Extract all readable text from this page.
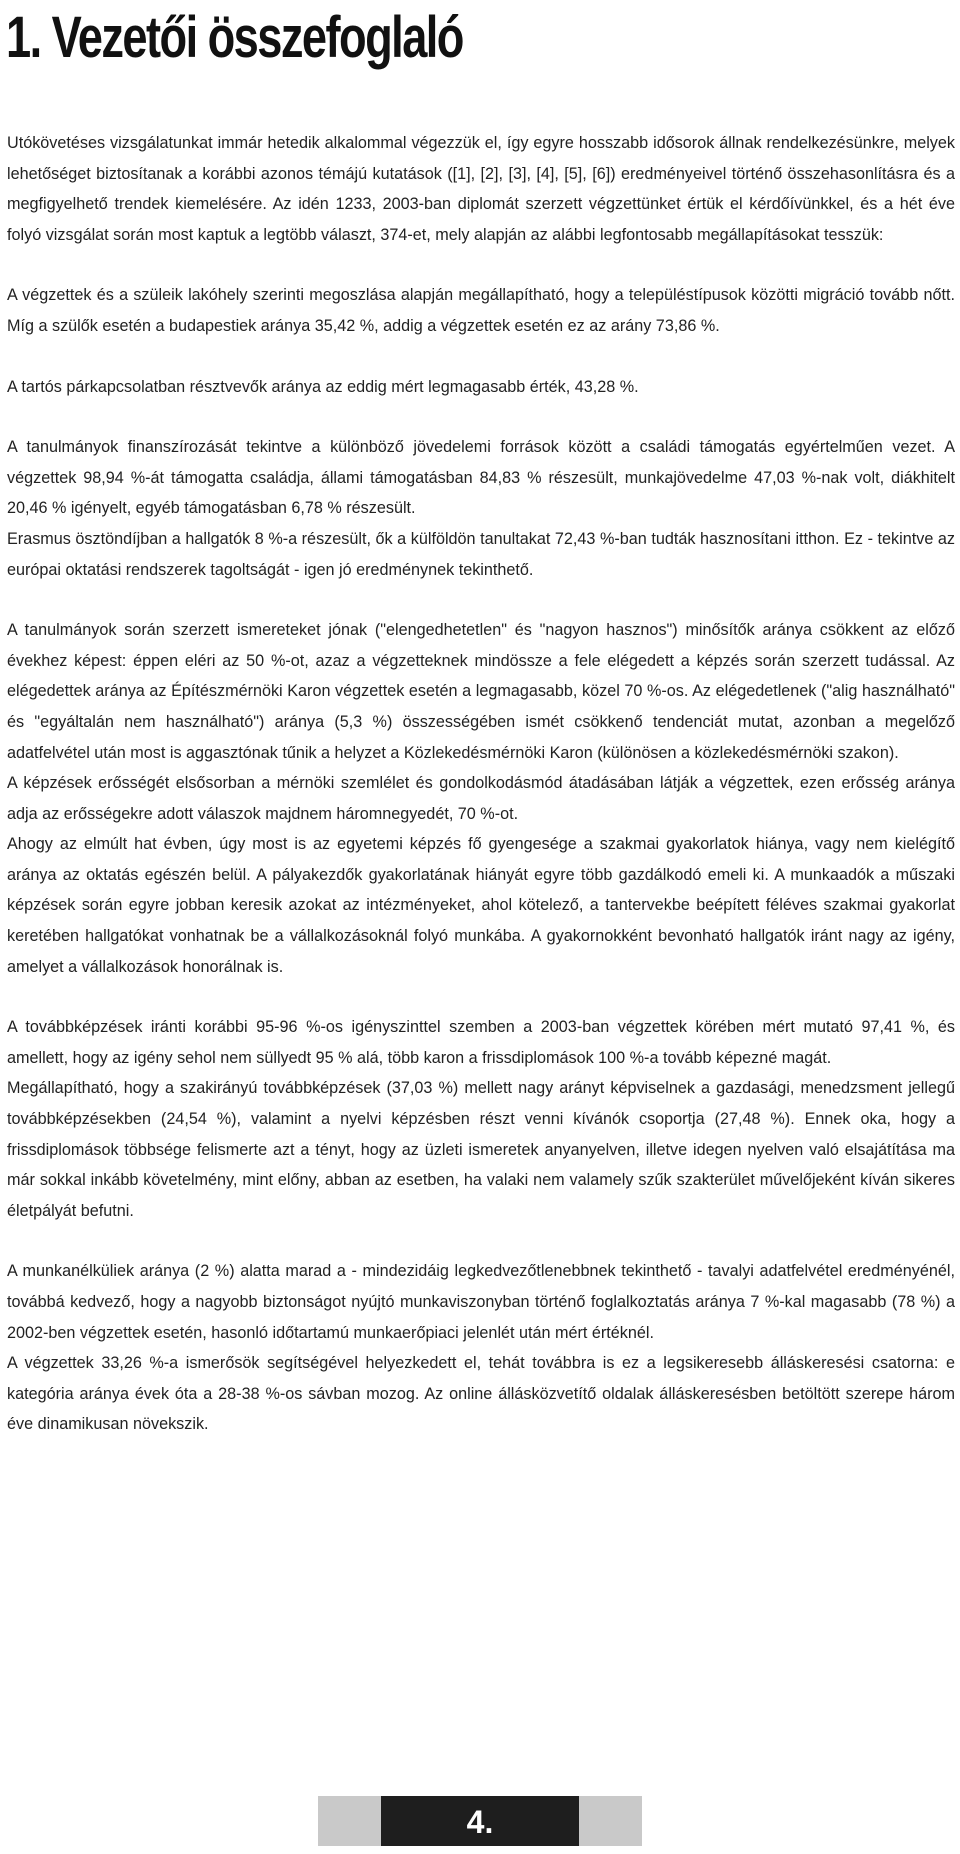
1. Vezetői összefoglaló

Utókövetéses vizsgálatunkat immár hetedik alkalommal végezzük el, így egyre hosszabb idősorok állnak rendelkezésünkre, melyek lehetőséget biztosítanak a korábbi azonos témájú kutatások ([1], [2], [3], [4], [5], [6]) eredményeivel történő összehasonlításra és a megfigyelhető trendek kiemelésére. Az idén 1233, 2003-ban diplomát szerzett végzettünket értük el kérdőívünkkel, és a hét éve folyó vizsgálat során most kaptuk a legtöbb választ, 374-et, mely alapján az alábbi legfontosabb megállapításokat tesszük:

A végzettek és a szüleik lakóhely szerinti megoszlása alapján megállapítható, hogy a településtípusok közötti migráció tovább nőtt. Míg a szülők esetén a budapestiek aránya 35,42 %, addig a végzettek esetén ez az arány 73,86 %.

A tartós párkapcsolatban résztvevők aránya az eddig mért legmagasabb érték, 43,28 %.

A tanulmányok finanszírozását tekintve a különböző jövedelemi források között a családi támogatás egyértelműen vezet. A végzettek 98,94 %-át támogatta családja, állami támogatásban 84,83 % részesült, munkajövedelme 47,03 %-nak volt, diákhitelt 20,46 % igényelt, egyéb támogatásban 6,78 % részesült.

Erasmus ösztöndíjban a hallgatók 8 %-a részesült, ők a külföldön tanultakat 72,43 %-ban tudták hasznosítani itthon. Ez - tekintve az európai oktatási rendszerek tagoltságát - igen jó eredménynek tekinthető.

A tanulmányok során szerzett ismereteket jónak ("elengedhetetlen" és "nagyon hasznos") minősítők aránya csökkent az előző évekhez képest: éppen eléri az 50 %-ot, azaz a végzetteknek mindössze a fele elégedett a képzés során szerzett tudással. Az elégedettek aránya az Építészmérnöki Karon végzettek esetén a legmagasabb, közel 70 %-os. Az elégedetlenek ("alig használható" és "egyáltalán nem használható") aránya (5,3 %) összességében ismét csökkenő tendenciát mutat, azonban a megelőző adatfelvétel után most is aggasztónak tűnik a helyzet a Közlekedésmérnöki Karon (különösen a közlekedésmérnöki szakon).

A képzések erősségét elsősorban a mérnöki szemlélet és gondolkodásmód átadásában látják a végzettek, ezen erősség aránya adja az erősségekre adott válaszok majdnem háromnegyedét, 70 %-ot.

Ahogy az elmúlt hat évben, úgy most is az egyetemi képzés fő gyengesége a szakmai gyakorlatok hiánya, vagy nem kielégítő aránya az oktatás egészén belül. A pályakezdők gyakorlatának hiányát egyre több gazdálkodó emeli ki. A munkaadók a műszaki képzések során egyre jobban keresik azokat az intézményeket, ahol kötelező, a tantervekbe beépített féléves szakmai gyakorlat keretében hallgatókat vonhatnak be a vállalkozásoknál folyó munkába. A gyakornokként bevonható hallgatók iránt nagy az igény, amelyet a vállalkozások honorálnak is.

A továbbképzések iránti korábbi 95-96 %-os igényszinttel szemben a 2003-ban végzettek körében mért mutató 97,41 %, és amellett, hogy az igény sehol nem süllyedt 95 % alá, több karon a frissdiplomások 100 %-a tovább képezné magát.

Megállapítható, hogy a szakirányú továbbképzések (37,03 %) mellett nagy arányt képviselnek a gazdasági, menedzsment jellegű továbbképzésekben (24,54 %), valamint a nyelvi képzésben részt venni kívánók csoportja (27,48 %). Ennek oka, hogy a frissdiplomások többsége felismerte azt a tényt, hogy az üzleti ismeretek anyanyelven, illetve idegen nyelven való elsajátítása ma már sokkal inkább követelmény, mint előny, abban az esetben, ha valaki nem valamely szűk szakterület művelőjeként kíván sikeres életpályát befutni.

A munkanélküliek aránya (2 %) alatta marad a - mindezidáig legkedvezőtlenebbnek tekinthető - tavalyi adatfelvétel eredményénél, továbbá kedvező, hogy a nagyobb biztonságot nyújtó munkaviszonyban történő foglalkoztatás aránya 7 %-kal magasabb (78 %) a 2002-ben végzettek esetén, hasonló időtartamú munkaerőpiaci jelenlét után mért értéknél.

A végzettek 33,26 %-a ismerősök segítségével helyezkedett el, tehát továbbra is ez a legsikeresebb álláskeresési csatorna: e kategória aránya évek óta a 28-38 %-os sávban mozog. Az online állásközvetítő oldalak álláskeresésben betöltött szerepe három éve dinamikusan növekszik.

4.
